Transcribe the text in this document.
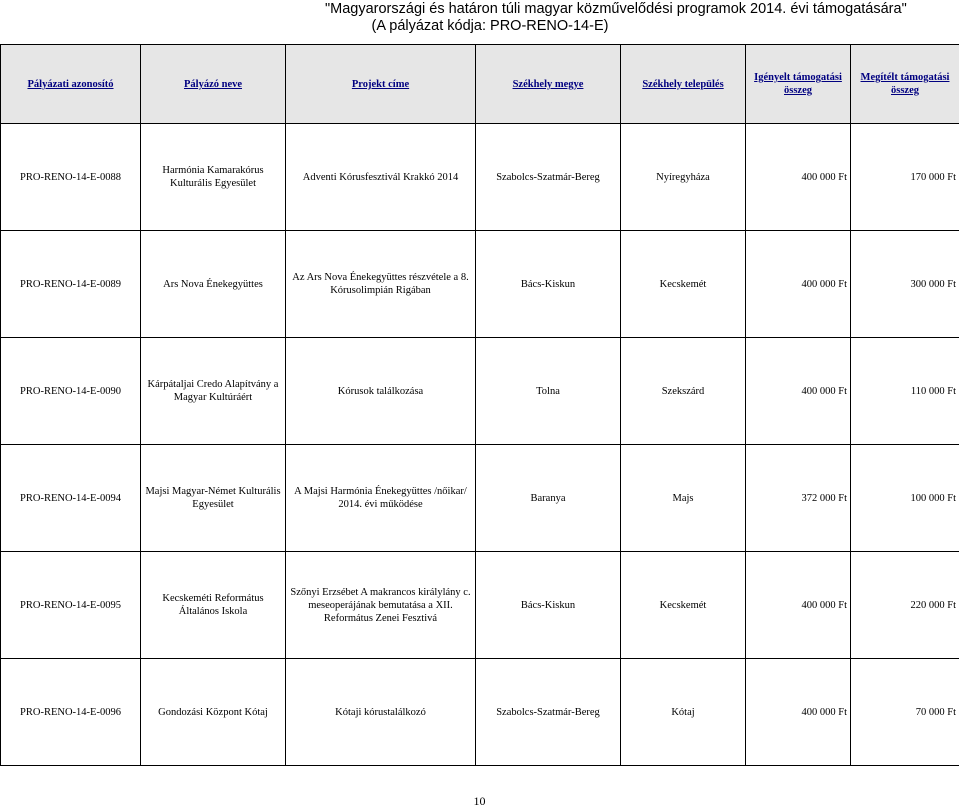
"Magyarországi és határon túli magyar közművelődési programok 2014. évi támogatására"
(A pályázat kódja: PRO-RENO-14-E)
Pályázati azonosító	Pályázó neve	Projekt címe	Székhely megye	Székhely település	Igényelt támogatási összeg	Megítélt támogatási összeg
PRO-RENO-14-E-0088	Harmónia Kamarakórus Kulturális Egyesület	Adventi Kórusfesztivál Krakkó 2014	Szabolcs-Szatmár-Bereg	Nyíregyháza	400 000 Ft	170 000 Ft
PRO-RENO-14-E-0089	Ars Nova Énekegyüttes	Az Ars Nova Énekegyüttes részvétele a 8. Kórusolimpián Rigában	Bács-Kiskun	Kecskemét	400 000 Ft	300 000 Ft
PRO-RENO-14-E-0090	Kárpátaljai Credo Alapítvány a Magyar Kultúráért	Kórusok találkozása	Tolna	Szekszárd	400 000 Ft	110 000 Ft
PRO-RENO-14-E-0094	Majsi Magyar-Német Kulturális Egyesület	A Majsi Harmónia Énekegyüttes /nőikar/ 2014. évi működése	Baranya	Majs	372 000 Ft	100 000 Ft
PRO-RENO-14-E-0095	Kecskeméti Református Általános Iskola	Szőnyi Erzsébet A makrancos királylány c. meseoperájának bemutatása a XII. Református Zenei Fesztivá	Bács-Kiskun	Kecskemét	400 000 Ft	220 000 Ft
PRO-RENO-14-E-0096	Gondozási Központ Kótaj	Kótaji kórustalálkozó	Szabolcs-Szatmár-Bereg	Kótaj	400 000 Ft	70 000 Ft
10
